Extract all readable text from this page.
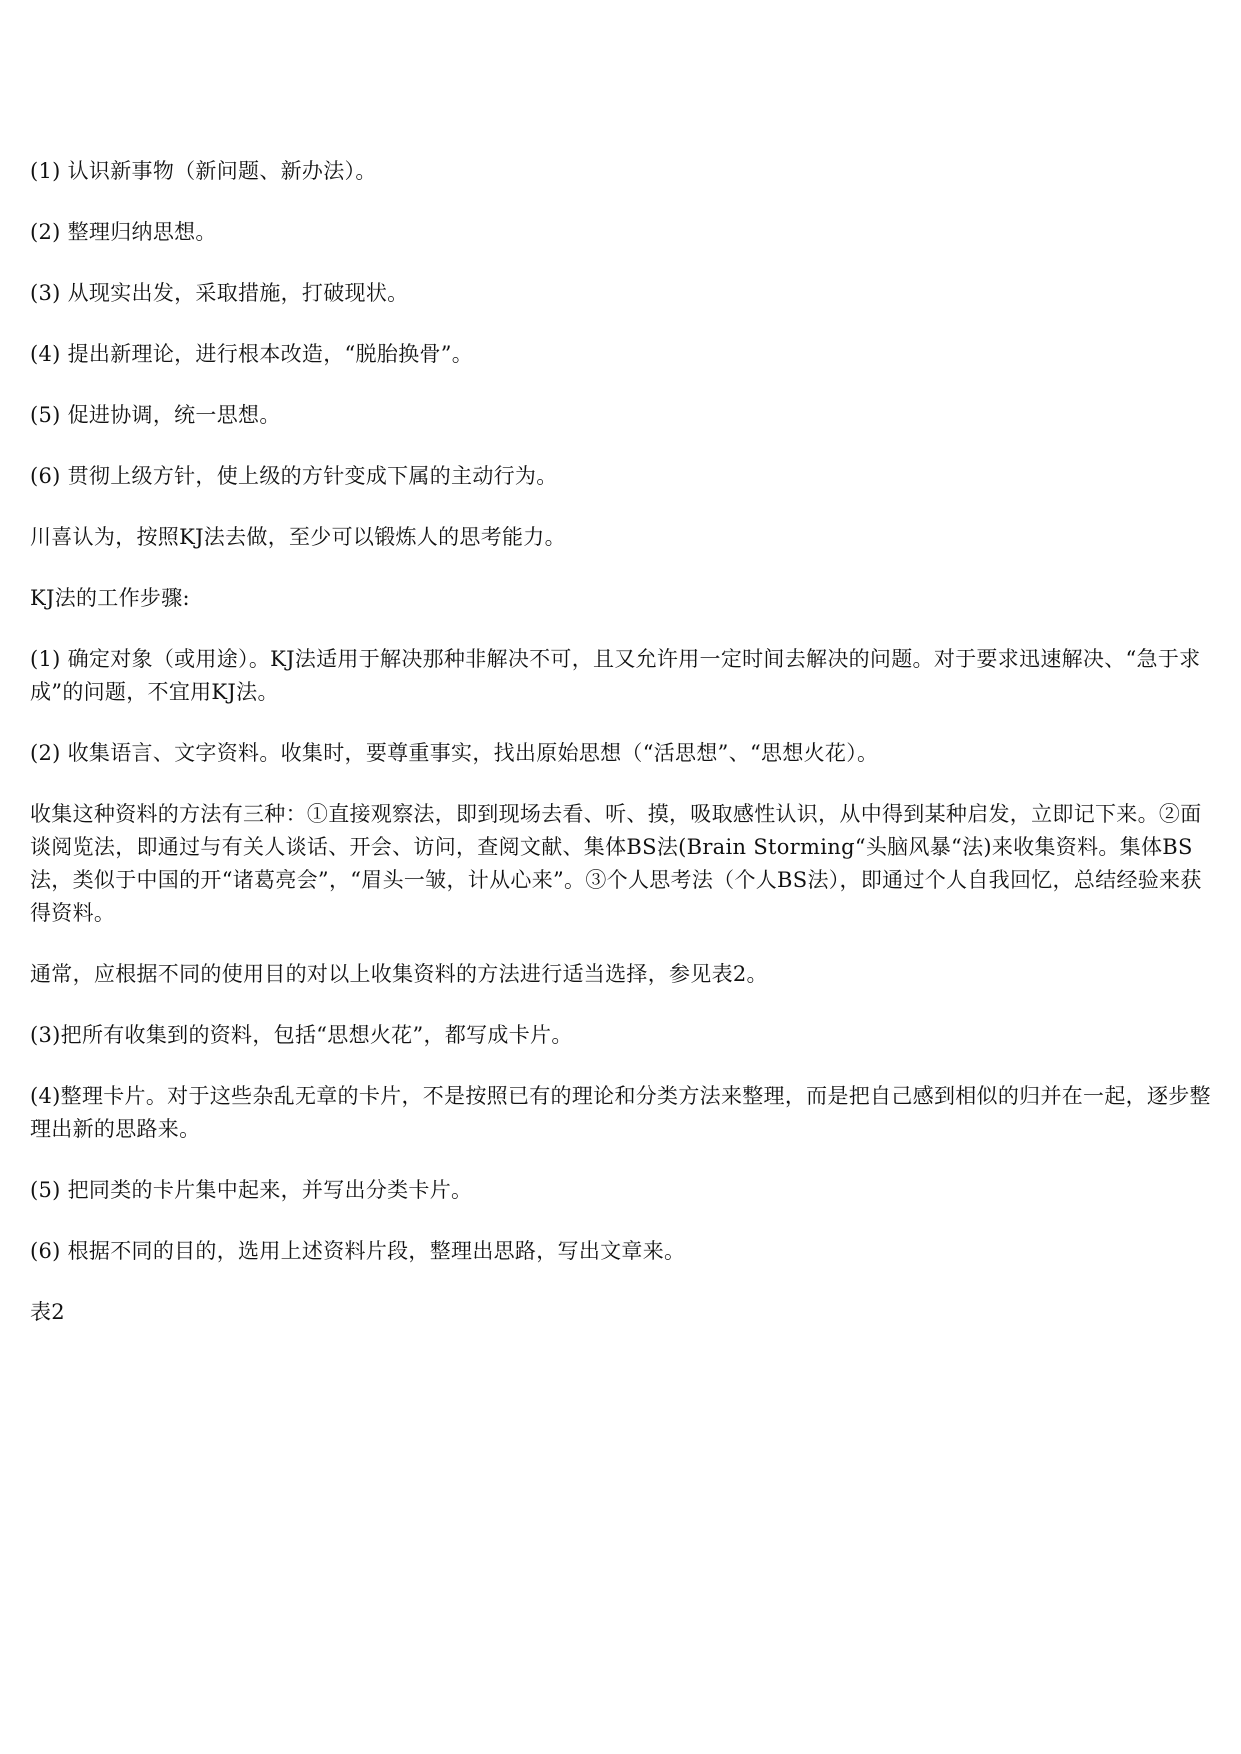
(1) 认识新事物（新问题、新办法）。

(2) 整理归纳思想。

(3) 从现实出发，采取措施，打破现状。

(4) 提出新理论，进行根本改造，“脱胎换骨”。

(5) 促进协调，统一思想。

(6) 贯彻上级方针，使上级的方针变成下属的主动行为。

川喜认为，按照KJ法去做，至少可以锻炼人的思考能力。

KJ法的工作步骤:

(1) 确定对象（或用途）。KJ法适用于解决那种非解决不可，且又允许用一定时间去解决的问题。对于要求迅速解决、“急于求成”的问题，不宜用KJ法。

(2) 收集语言、文字资料。收集时，要尊重事实，找出原始思想（“活思想”、“思想火花）。

收集这种资料的方法有三种：①直接观察法，即到现场去看、听、摸，吸取感性认识，从中得到某种启发，立即记下来。②面谈阅览法，即通过与有关人谈话、开会、访问，查阅文献、集体BS法(Brain Storming“头脑风暴“法)来收集资料。集体BS法，类似于中国的开“诸葛亮会”，“眉头一皱，计从心来”。③个人思考法（个人BS法），即通过个人自我回忆，总结经验来获得资料。

通常，应根据不同的使用目的对以上收集资料的方法进行适当选择，参见表2。

(3)把所有收集到的资料，包括“思想火花”，都写成卡片。

(4)整理卡片。对于这些杂乱无章的卡片，不是按照已有的理论和分类方法来整理，而是把自己感到相似的归并在一起，逐步整理出新的思路来。

(5) 把同类的卡片集中起来，并写出分类卡片。

(6) 根据不同的目的，选用上述资料片段，整理出思路，写出文章来。

表2
